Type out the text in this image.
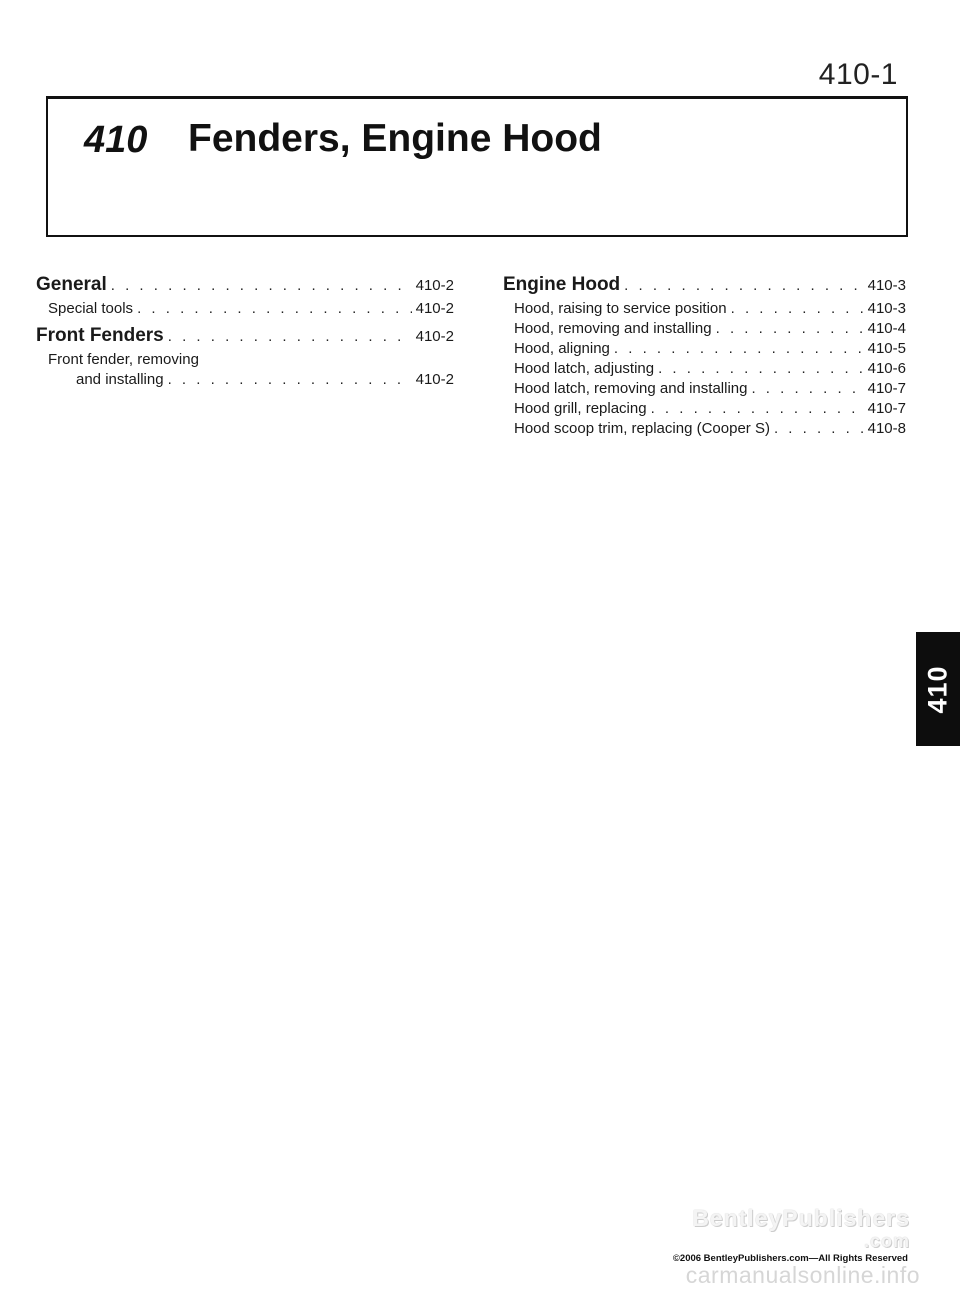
410-1
410 Fenders, Engine Hood
General . . .	410-2
Special tools . . .	410-2
Front Fenders . . .	410-2
Front fender, removing
and installing . . .	410-2
Engine Hood . . .	410-3
Hood, raising to service position . . .	410-3
Hood, removing and installing . . .	410-4
Hood, aligning . . .	410-5
Hood latch, adjusting . . .	410-6
Hood latch, removing and installing . . .	410-7
Hood grill, replacing . . .	410-7
Hood scoop trim, replacing (Cooper S) . . .	410-8
410
BentleyPublishers
.com
©2006 BentleyPublishers.com—All Rights Reserved
carmanualsonline.info
